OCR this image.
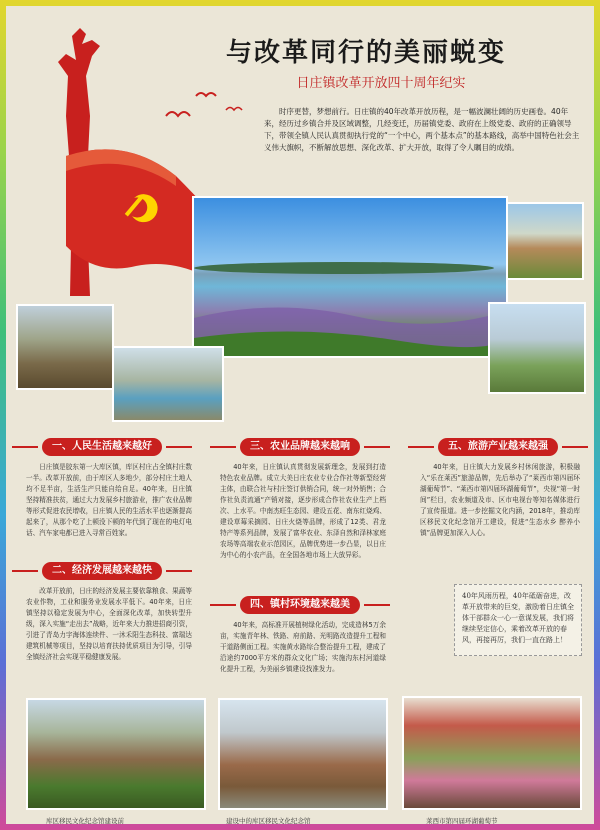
与改革同行的美丽蜕变
日庄镇改革开放四十周年纪实
时序更替，梦想前行。日庄镇的40年改革开放历程，是一幅波澜壮阔的历史画卷。40年来，经历过乡镇合并及区域调整，几经变迁，历届镇党委、政府在上级党委、政府的正确领导下，带领全镇人民认真贯彻执行党的“一个中心，两个基本点”的基本路线，高举中国特色社会主义伟大旗帜，不断解放思想、深化改革、扩大开放，取得了令人瞩目的成绩。
一、人民生活越来越好
日庄镇是胶东第一大库区镇，库区村庄占全镇村庄数一半。改革开放前，由于库区人多地少，部分村庄土地人均不足半亩，生活生产只能自给自足。40年来，日庄镇坚持精准扶贫，通过大力发展乡村旅游业，推广农业品牌等形式促进农民增收，日庄镇人民的生活水平也逐渐提高起来了，从那个吃了上顿没下顿的年代到了现在的电灯电话、汽车家电都已进入寻常百姓家。
二、经济发展越来越快
改革开放前，日庄的经济发展主要依靠粮食、果蔬等农业作物，工业和服务业发展水平低下。40年来，日庄镇坚持以稳定发展为中心，全面深化改革，加快转型升级，深入实施“走出去”战略，近年来大力推进招商引资，引进了青岛力宇海体连续件、一沐禾阳生态科技、富瑞达建筑机械等项目，坚持以培育扶持优质项目为引导，引导全镇经济社会实现平稳健康发展。
三、农业品牌越来越响
40年来，日庄镇认真贯彻发展新理念，发展到打造特色农业品牌。成立大美日庄农业专业合作社等新型经营主体，由联合社与村庄签订供销合同，统一对外销售；合作社负责流通“产销对接，逐步形成合作社农业生产上档次、上水平。中南杰旺生态园、建设五花、南东红烧鸡、建设草莓采摘园、日庄火烧等品牌，形成了12类、君龙特产等系列品牌，发展了富华农业、东泽自然和泽林家庭农场等高端农业示范园区，品牌优势进一步凸显，以日庄为中心的小农产品，在全国各地市场上大放异彩。
四、镇村环境越来越美
40年来，高标准开展植树绿化活动，完成造林5万余亩，实施青年林、铁路、府前路、光明路改造提升工程和干道路侧面工程。实施黄水路综合整治提升工程，建成了沿途约7000平方米的群众文化广场；实施沟东村河道绿化提升工程，为美丽乡镇建设找准发力。
五、旅游产业越来越强
40年来，日庄镇大力发展乡村休闲旅游，积极融入“乐在莱西”旅游品牌，先后举办了“莱西市第四届环湖葡萄节”、“莱西市第四届环湖葡萄节”，央视“第一时间”栏目，农业频道及市、区市电视台等知名媒体进行了宣传报道。进一步挖掘文化内涵，2018年，推动库区移民文化纪念馆开工建设，促进“生态水乡 醉养小镇”品牌更加深入人心。
40年风雨历程，40年砥砺奋进，改革开放带来的巨变，激励着日庄镇全体干部群众一心一意谋发展，我们将继续坚定信心，乘着改革开放的春风，再接再厉，我们一直在路上！
库区移民文化纪念馆建设前	建设中的库区移民文化纪念馆	莱西市第四届环湖葡萄节
